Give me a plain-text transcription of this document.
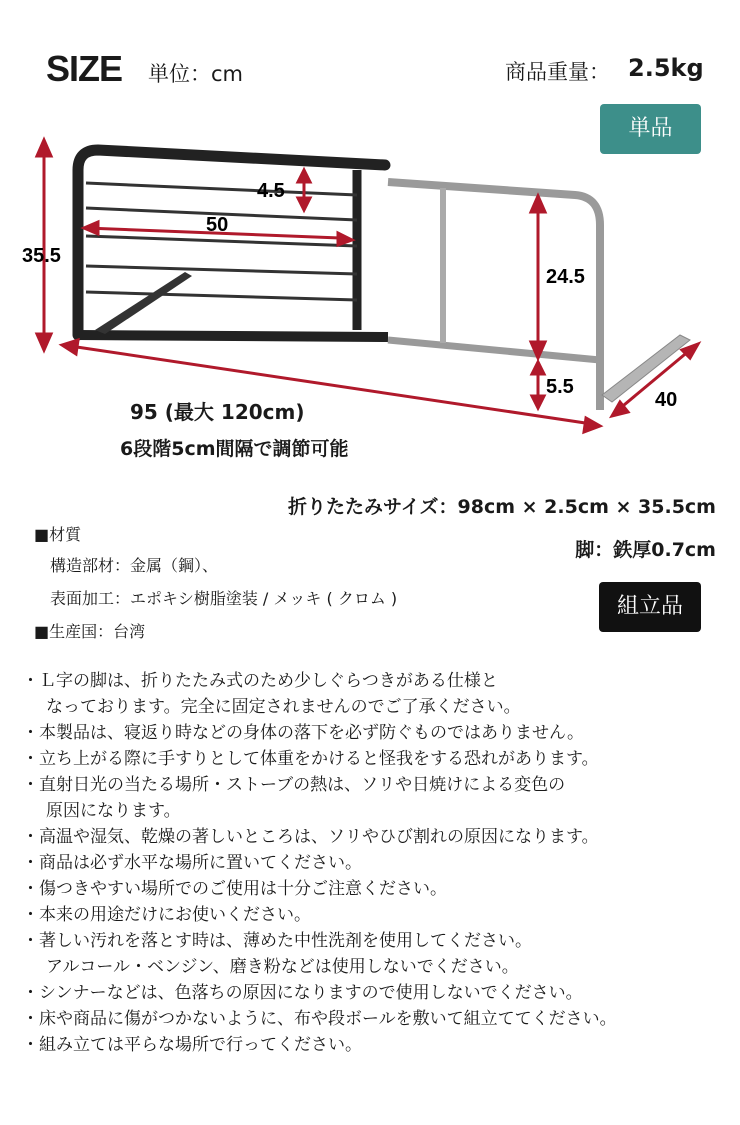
SIZE 単位：cm	商品重量： 2.5kg
単品
35.5
4.5
50
24.5
5.5
40
95 (最大 120cm)
6段階5cm間隔で調節可能
折りたたみサイズ：98cm × 2.5cm × 35.5cm
脚：鉄厚0.7cm
■材質
構造部材：金属（鋼）、
表面加工：エポキシ樹脂塗装 / メッキ ( クロム )
■生産国：台湾
組立品
・Ｌ字の脚は、折りたたみ式のため少しぐらつきがある仕様と
なっております。完全に固定されませんのでご了承ください。
・本製品は、寝返り時などの身体の落下を必ず防ぐものではありません。
・立ち上がる際に手すりとして体重をかけると怪我をする恐れがあります。
・直射日光の当たる場所・ストーブの熱は、ソリや日焼けによる変色の
原因になります。
・高温や湿気、乾燥の著しいところは、ソリやひび割れの原因になります。
・商品は必ず水平な場所に置いてください。
・傷つきやすい場所でのご使用は十分ご注意ください。
・本来の用途だけにお使いください。
・著しい汚れを落とす時は、薄めた中性洗剤を使用してください。
アルコール・ベンジン、磨き粉などは使用しないでください。
・シンナーなどは、色落ちの原因になりますので使用しないでください。
・床や商品に傷がつかないように、布や段ボールを敷いて組立ててください。
・組み立ては平らな場所で行ってください。
